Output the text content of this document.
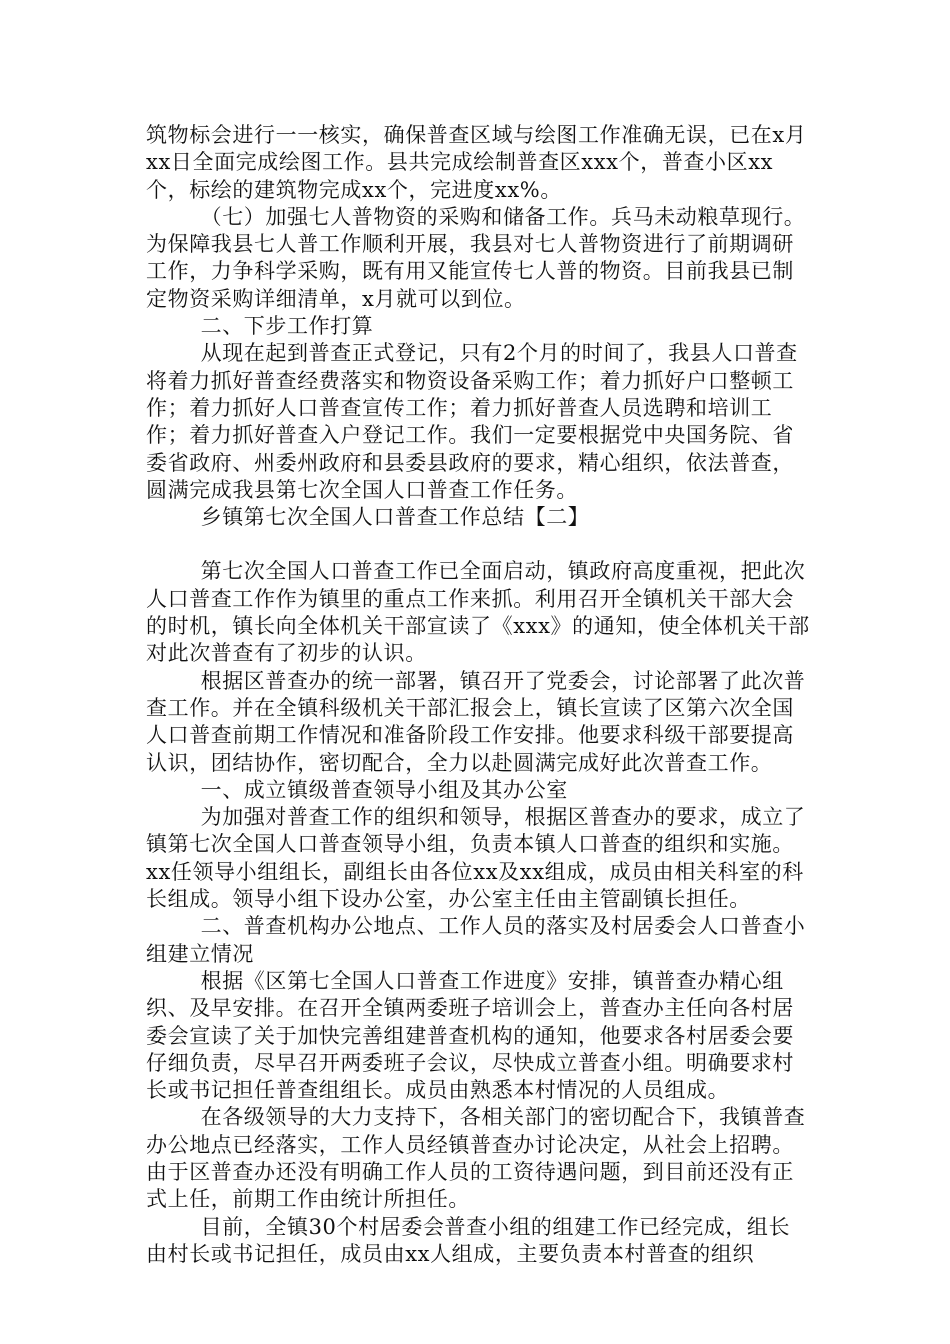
筑物标会进行一一核实，确保普查区域与绘图工作准确无误，已在x月xx日全面完成绘图工作。县共完成绘制普查区xxx个，普查小区xx个，标绘的建筑物完成xx个，完进度xx%。

（七）加强七人普物资的采购和储备工作。兵马未动粮草现行。为保障我县七人普工作顺利开展，我县对七人普物资进行了前期调研工作，力争科学采购，既有用又能宣传七人普的物资。目前我县已制定物资采购详细清单，x月就可以到位。

二、下步工作打算

从现在起到普查正式登记，只有2个月的时间了，我县人口普查将着力抓好普查经费落实和物资设备采购工作；着力抓好户口整顿工作；着力抓好人口普查宣传工作；着力抓好普查人员选聘和培训工作；着力抓好普查入户登记工作。我们一定要根据党中央国务院、省委省政府、州委州政府和县委县政府的要求，精心组织，依法普查，圆满完成我县第七次全国人口普查工作任务。

乡镇第七次全国人口普查工作总结【二】

第七次全国人口普查工作已全面启动，镇政府高度重视，把此次人口普查工作作为镇里的重点工作来抓。利用召开全镇机关干部大会的时机，镇长向全体机关干部宣读了《xxx》的通知，使全体机关干部对此次普查有了初步的认识。

根据区普查办的统一部署，镇召开了党委会，讨论部署了此次普查工作。并在全镇科级机关干部汇报会上，镇长宣读了区第六次全国人口普查前期工作情况和准备阶段工作安排。他要求科级干部要提高认识，团结协作，密切配合，全力以赴圆满完成好此次普查工作。

一、成立镇级普查领导小组及其办公室

为加强对普查工作的组织和领导，根据区普查办的要求，成立了镇第七次全国人口普查领导小组，负责本镇人口普查的组织和实施。xx任领导小组组长，副组长由各位xx及xx组成，成员由相关科室的科长组成。领导小组下设办公室，办公室主任由主管副镇长担任。

二、普查机构办公地点、工作人员的落实及村居委会人口普查小组建立情况

根据《区第七全国人口普查工作进度》安排，镇普查办精心组织、及早安排。在召开全镇两委班子培训会上，普查办主任向各村居委会宣读了关于加快完善组建普查机构的通知，他要求各村居委会要仔细负责，尽早召开两委班子会议，尽快成立普查小组。明确要求村长或书记担任普查组组长。成员由熟悉本村情况的人员组成。

在各级领导的大力支持下，各相关部门的密切配合下，我镇普查办公地点已经落实，工作人员经镇普查办讨论决定，从社会上招聘。由于区普查办还没有明确工作人员的工资待遇问题，到目前还没有正式上任，前期工作由统计所担任。

目前，全镇30个村居委会普查小组的组建工作已经完成，组长由村长或书记担任，成员由xx人组成，主要负责本村普查的组织
